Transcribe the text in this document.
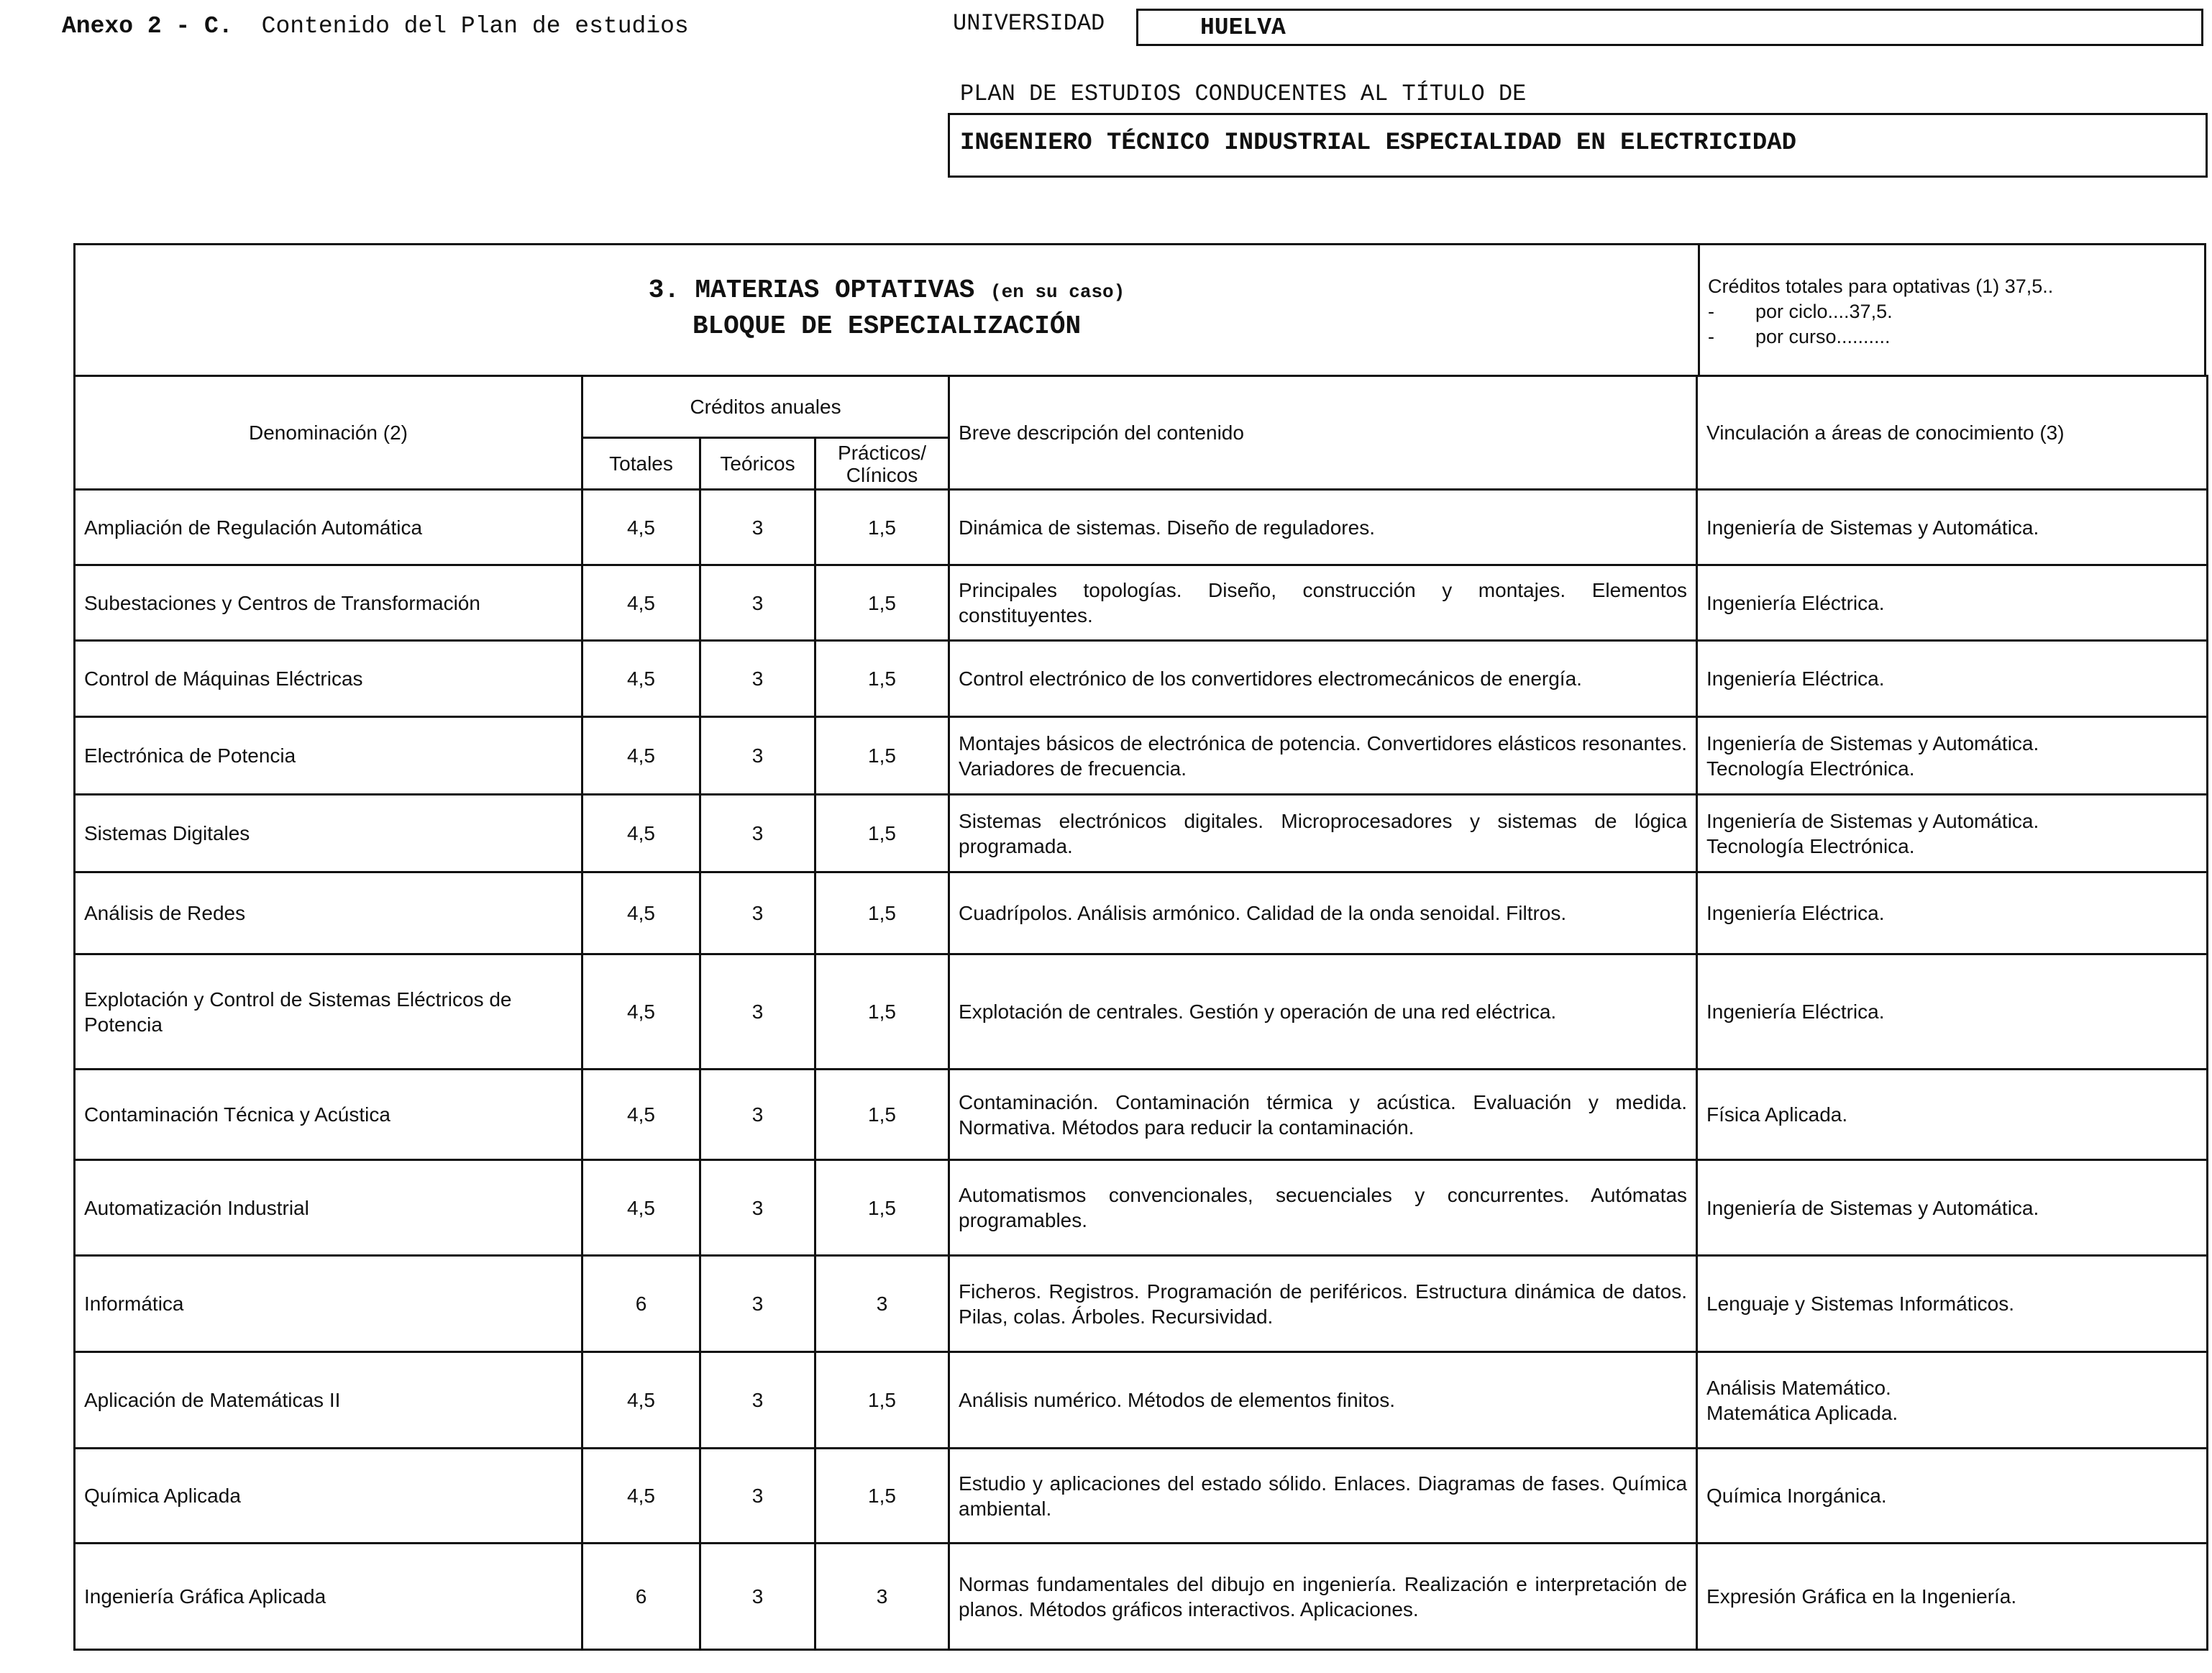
Anexo 2 - C. Contenido del Plan de estudios	UNIVERSIDAD	HUELVA
PLAN DE ESTUDIOS CONDUCENTES AL TÍTULO DE
INGENIERO TÉCNICO INDUSTRIAL ESPECIALIDAD EN ELECTRICIDAD
3. MATERIAS OPTATIVAS (en su caso)
BLOQUE DE ESPECIALIZACIÓN
Créditos totales para optativas (1) 37,5..
- por ciclo....37,5.
- por curso..........
Denominación (2)	Créditos anuales			Breve descripción del contenido	Vinculación a áreas de conocimiento (3)
	Totales	Teóricos	Prácticos/ Clínicos		
Ampliación de Regulación Automática	4,5	3	1,5	Dinámica de sistemas. Diseño de reguladores.	Ingeniería de Sistemas y Automática.
Subestaciones y Centros de Transformación	4,5	3	1,5	Principales topologías. Diseño, construcción y montajes. Elementos constituyentes.	Ingeniería Eléctrica.
Control de Máquinas Eléctricas	4,5	3	1,5	Control electrónico de los convertidores electromecánicos de energía.	Ingeniería Eléctrica.
Electrónica de Potencia	4,5	3	1,5	Montajes básicos de electrónica de potencia. Convertidores elásticos resonantes. Variadores de frecuencia.	Ingeniería de Sistemas y Automática.
Tecnología Electrónica.
Sistemas Digitales	4,5	3	1,5	Sistemas electrónicos digitales. Microprocesadores y sistemas de lógica programada.	Ingeniería de Sistemas y Automática.
Tecnología Electrónica.
Análisis de Redes	4,5	3	1,5	Cuadrípolos. Análisis armónico. Calidad de la onda senoidal. Filtros.	Ingeniería Eléctrica.
Explotación y Control de Sistemas Eléctricos de Potencia	4,5	3	1,5	Explotación de centrales. Gestión y operación de una red eléctrica.	Ingeniería Eléctrica.
Contaminación Técnica y Acústica	4,5	3	1,5	Contaminación. Contaminación térmica y acústica. Evaluación y medida. Normativa. Métodos para reducir la contaminación.	Física Aplicada.
Automatización Industrial	4,5	3	1,5	Automatismos convencionales, secuenciales y concurrentes. Autómatas programables.	Ingeniería de Sistemas y Automática.
Informática	6	3	3	Ficheros. Registros. Programación de periféricos. Estructura dinámica de datos. Pilas, colas. Árboles. Recursividad.	Lenguaje y Sistemas Informáticos.
Aplicación de Matemáticas II	4,5	3	1,5	Análisis numérico. Métodos de elementos finitos.	Análisis Matemático.
Matemática Aplicada.
Química Aplicada	4,5	3	1,5	Estudio y aplicaciones del estado sólido. Enlaces. Diagramas de fases. Química ambiental.	Química Inorgánica.
Ingeniería Gráfica Aplicada	6	3	3	Normas fundamentales del dibujo en ingeniería. Realización e interpretación de planos. Métodos gráficos interactivos. Aplicaciones.	Expresión Gráfica en la Ingeniería.
